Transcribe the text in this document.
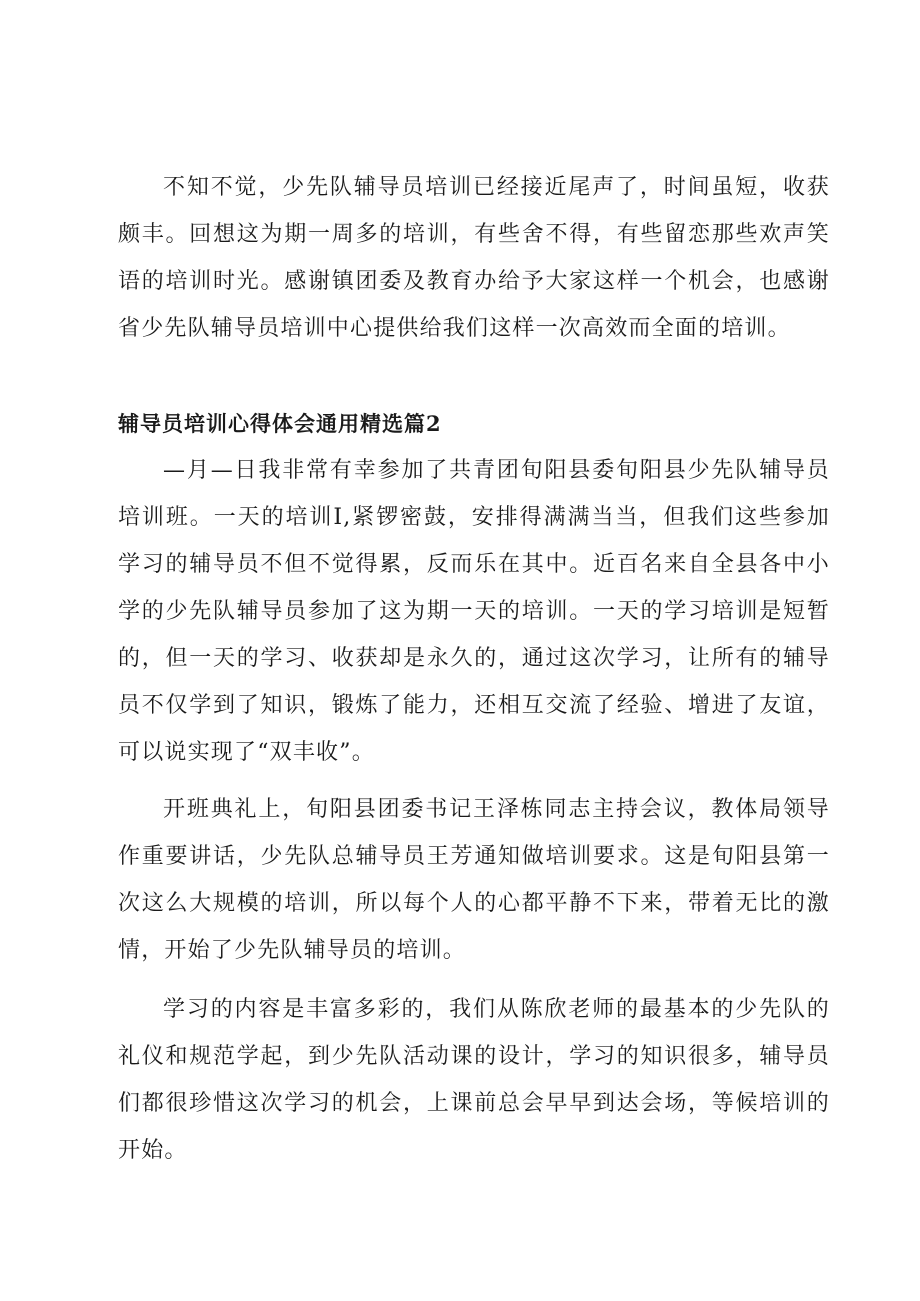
不知不觉，少先队辅导员培训已经接近尾声了，时间虽短，收获颇丰。回想这为期一周多的培训，有些舍不得，有些留恋那些欢声笑语的培训时光。感谢镇团委及教育办给予大家这样一个机会，也感谢省少先队辅导员培训中心提供给我们这样一次高效而全面的培训。

辅导员培训心得体会通用精选篇2

—月—日我非常有幸参加了共青团旬阳县委旬阳县少先队辅导员培训班。一天的培训I,紧锣密鼓，安排得满满当当，但我们这些参加学习的辅导员不但不觉得累，反而乐在其中。近百名来自全县各中小学的少先队辅导员参加了这为期一天的培训。一天的学习培训是短暂的，但一天的学习、收获却是永久的，通过这次学习，让所有的辅导员不仅学到了知识，锻炼了能力，还相互交流了经验、增进了友谊，可以说实现了“双丰收”。

开班典礼上，旬阳县团委书记王泽栋同志主持会议，教体局领导作重要讲话，少先队总辅导员王芳通知做培训要求。这是旬阳县第一次这么大规模的培训，所以每个人的心都平静不下来，带着无比的激情，开始了少先队辅导员的培训。

学习的内容是丰富多彩的，我们从陈欣老师的最基本的少先队的礼仪和规范学起，到少先队活动课的设计，学习的知识很多，辅导员们都很珍惜这次学习的机会，上课前总会早早到达会场，等候培训的开始。
